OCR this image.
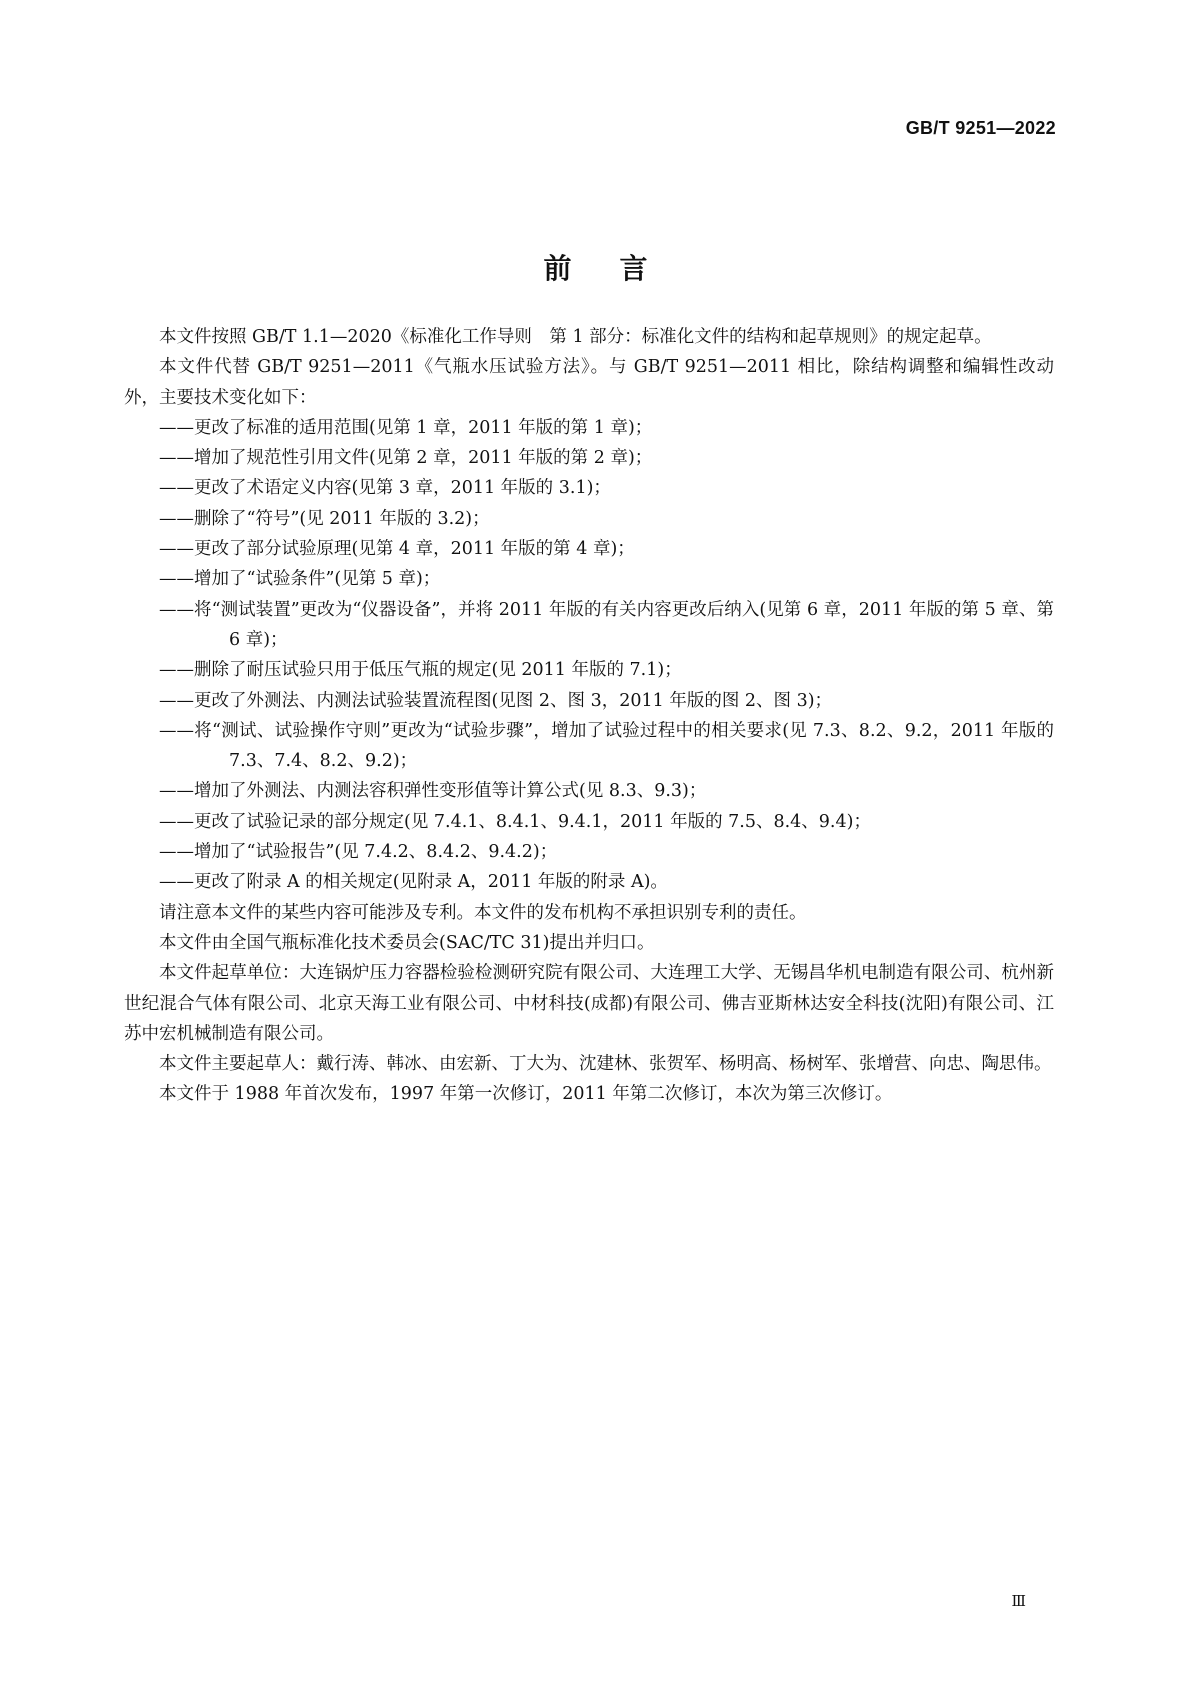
GB/T 9251—2022
前言

本文件按照 GB/T 1.1—2020《标准化工作导则　第 1 部分：标准化文件的结构和起草规则》的规定起草。

本文件代替 GB/T 9251—2011《气瓶水压试验方法》。与 GB/T 9251—2011 相比，除结构调整和编辑性改动外，主要技术变化如下：

——更改了标准的适用范围(见第 1 章，2011 年版的第 1 章)；

——增加了规范性引用文件(见第 2 章，2011 年版的第 2 章)；

——更改了术语定义内容(见第 3 章，2011 年版的 3.1)；

——删除了“符号”(见 2011 年版的 3.2)；

——更改了部分试验原理(见第 4 章，2011 年版的第 4 章)；

——增加了“试验条件”(见第 5 章)；

——将“测试装置”更改为“仪器设备”，并将 2011 年版的有关内容更改后纳入(见第 6 章，2011 年版的第 5 章、第 6 章)；

——删除了耐压试验只用于低压气瓶的规定(见 2011 年版的 7.1)；

——更改了外测法、内测法试验装置流程图(见图 2、图 3，2011 年版的图 2、图 3)；

——将“测试、试验操作守则”更改为“试验步骤”，增加了试验过程中的相关要求(见 7.3、8.2、9.2，2011 年版的 7.3、7.4、8.2、9.2)；

——增加了外测法、内测法容积弹性变形值等计算公式(见 8.3、9.3)；

——更改了试验记录的部分规定(见 7.4.1、8.4.1、9.4.1，2011 年版的 7.5、8.4、9.4)；

——增加了“试验报告”(见 7.4.2、8.4.2、9.4.2)；

——更改了附录 A 的相关规定(见附录 A，2011 年版的附录 A)。

请注意本文件的某些内容可能涉及专利。本文件的发布机构不承担识别专利的责任。

本文件由全国气瓶标准化技术委员会(SAC/TC 31)提出并归口。

本文件起草单位：大连锅炉压力容器检验检测研究院有限公司、大连理工大学、无锡昌华机电制造有限公司、杭州新世纪混合气体有限公司、北京天海工业有限公司、中材科技(成都)有限公司、佛吉亚斯林达安全科技(沈阳)有限公司、江苏中宏机械制造有限公司。

本文件主要起草人：戴行涛、韩冰、由宏新、丁大为、沈建林、张贺军、杨明高、杨树军、张增营、向忠、陶思伟。

本文件于 1988 年首次发布，1997 年第一次修订，2011 年第二次修订，本次为第三次修订。

Ⅲ
